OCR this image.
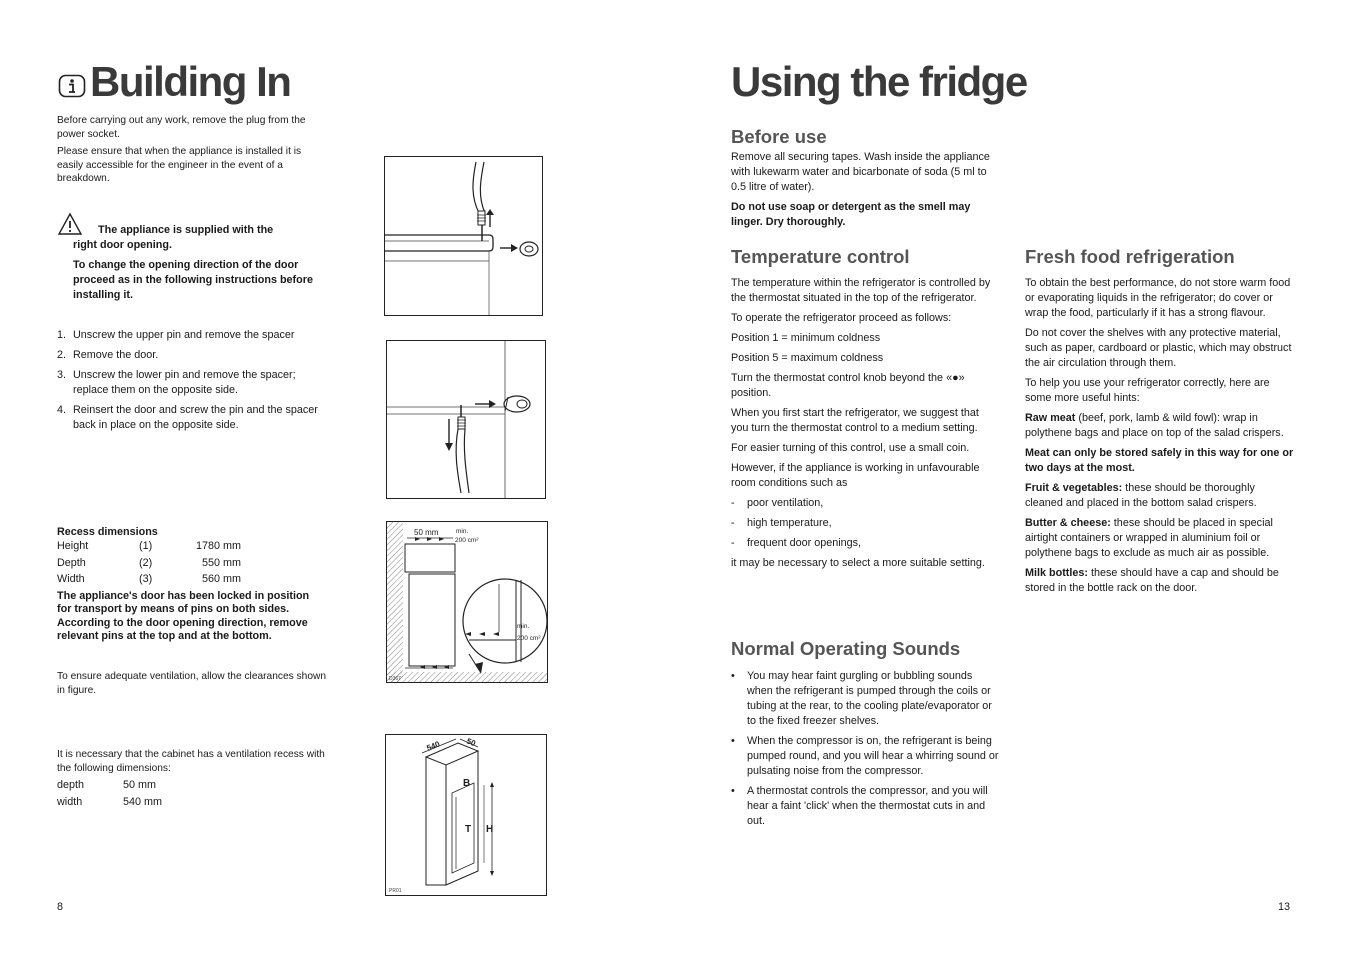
Building In

Before carrying out any work, remove the plug from the power socket.

Please ensure that when the appliance is installed it is easily accessible for the engineer in the event of a breakdown.

The appliance is supplied with the

right door opening.

To change the opening direction of the door proceed as in the following instructions before installing it.

1. Unscrew the upper pin and remove the spacer
2. Remove the door.
3. Unscrew the lower pin and remove the spacer; replace them on the opposite side.
4. Reinsert the door and screw the pin and the spacer back in place on the opposite side.
Recess dimensions
Height	(1)	1780 mm
Depth	(2)	550 mm
Width	(3)	560 mm

The appliance's door has been locked in position for transport by means of pins on both sides. According to the door opening direction, remove relevant pins at the top and at the bottom.

To ensure adequate ventilation, allow the clearances shown in figure.

It is necessary that the cabinet has a ventilation recess with the following dimensions:

depth	50 mm
width	540 mm
8
50 mm	min.
200 cm²
min.
200 cm²
D367
540	50
B
T H
PR01
Using the fridge
Before use

Remove all securing tapes. Wash inside the appliance with lukewarm water and bicarbonate of soda (5 ml to 0.5 litre of water).

Do not use soap or detergent as the smell may linger. Dry thoroughly.

Temperature control

The temperature within the refrigerator is controlled by the thermostat situated in the top of the refrigerator.

To operate the refrigerator proceed as follows:

Position 1 = minimum coldness

Position 5 = maximum coldness

Turn the thermostat control knob beyond the «●» position.

When you first start the refrigerator, we suggest that you turn the thermostat control to a medium setting.

For easier turning of this control, use a small coin.

However, if the appliance is working in unfavourable room conditions such as

- poor ventilation,
- high temperature,
- frequent door openings,

it may be necessary to select a more suitable setting.

Normal Operating Sounds
• You may hear faint gurgling or bubbling sounds when the refrigerant is pumped through the coils or tubing at the rear, to the cooling plate/evaporator or to the fixed freezer shelves.
• When the compressor is on, the refrigerant is being pumped round, and you will hear a whirring sound or pulsating noise from the compressor.
• A thermostat controls the compressor, and you will hear a faint 'click' when the thermostat cuts in and out.
Fresh food refrigeration

To obtain the best performance, do not store warm food or evaporating liquids in the refrigerator; do cover or wrap the food, particularly if it has a strong flavour.

Do not cover the shelves with any protective material, such as paper, cardboard or plastic, which may obstruct the air circulation through them.

To help you use your refrigerator correctly, here are some more useful hints:

Raw meat (beef, pork, lamb & wild fowl): wrap in polythene bags and place on top of the salad crispers.

Meat can only be stored safely in this way for one or two days at the most.

Fruit & vegetables: these should be thoroughly cleaned and placed in the bottom salad crispers.

Butter & cheese: these should be placed in special airtight containers or wrapped in aluminium foil or polythene bags to exclude as much air as possible.

Milk bottles: these should have a cap and should be stored in the bottle rack on the door.

13
